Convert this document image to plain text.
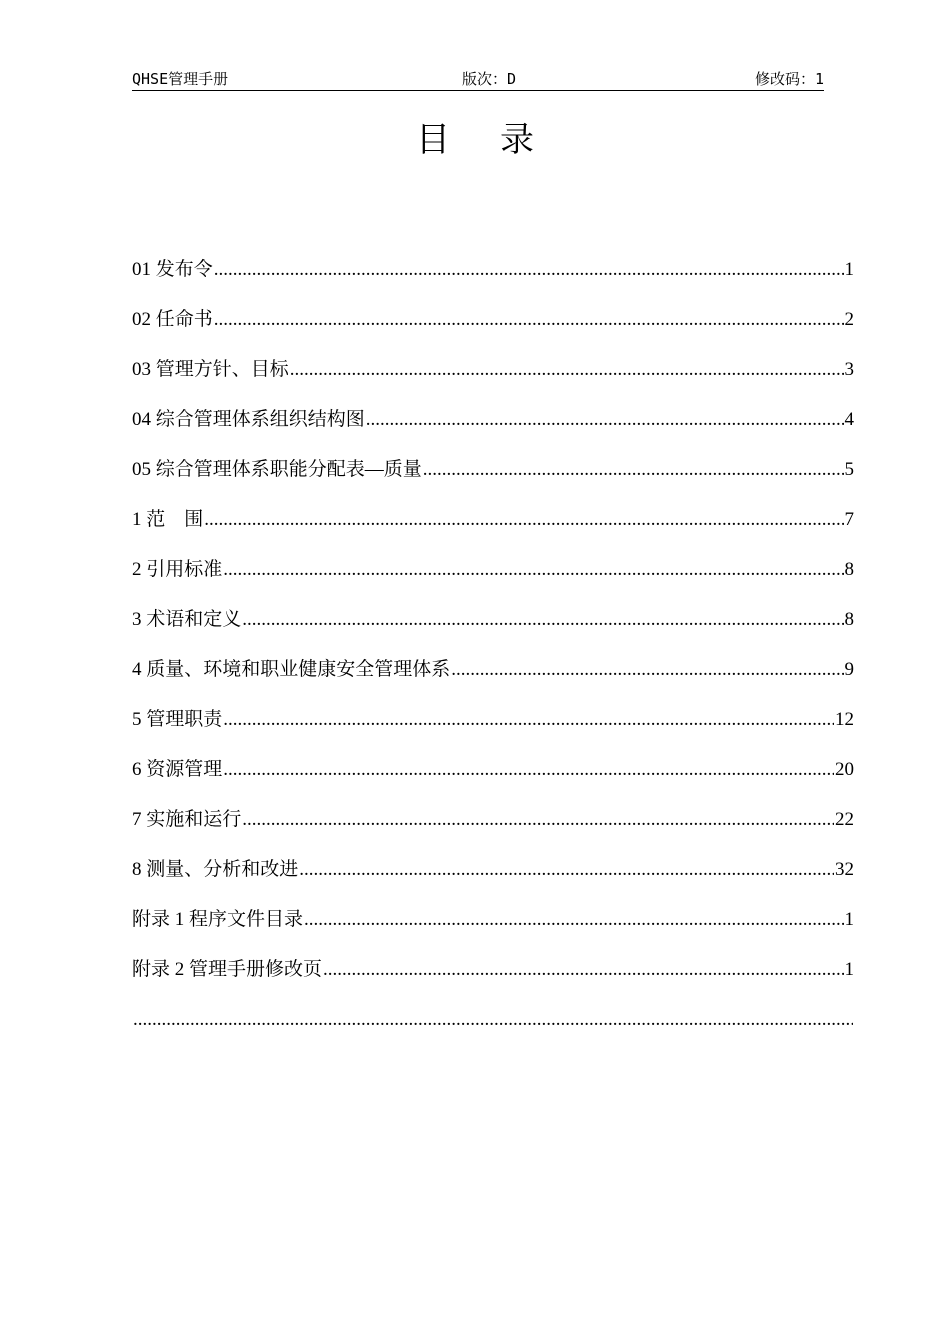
QHSE管理手册	版次：D	修改码：1
目录
01 发布令 .....	1
02 任命书 .....	2
03 管理方针、目标 .....	3
04 综合管理体系组织结构图 .....	4
05 综合管理体系职能分配表—质量 .....	5
1 范　围 .....	7
2 引用标准 .....	8
3 术语和定义 .....	8
4 质量、环境和职业健康安全管理体系 .....	9
5 管理职责 .....	12
6 资源管理 .....	20
7 实施和运行 .....	22
8 测量、分析和改进 .....	32
附录 1 程序文件目录 .....	1
附录 2 管理手册修改页 .....	1
.....
